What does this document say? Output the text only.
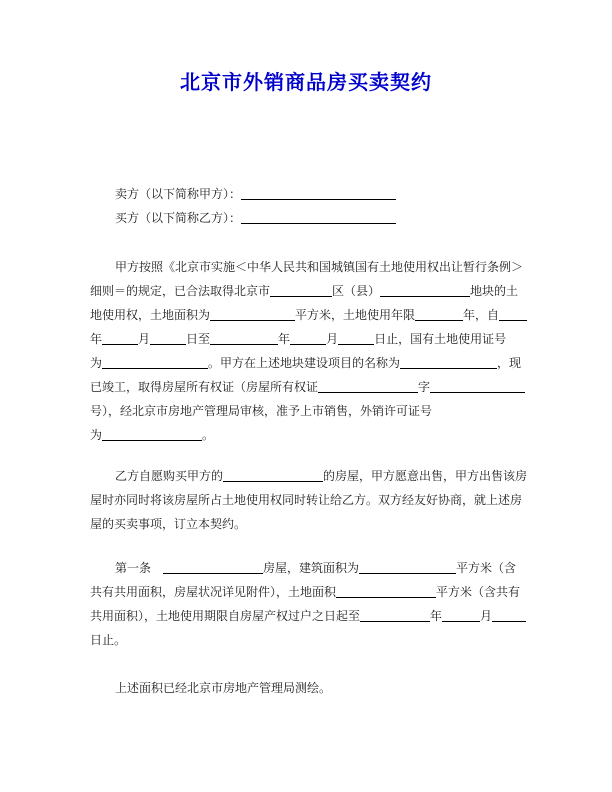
北京市外销商品房买卖契约
卖方（以下简称甲方）：
买方（以下简称乙方）：
甲方按照《北京市实施＜中华人民共和国城镇国有土地使用权出让暂行条例＞
细则＝的规定，已合法取得北京市	区（县）	地块的土
地使用权，土地面积为	平方米，土地使用年限	年，自
年	月	日至	年	月	日止，国有土地使用证号
为	。甲方在上述地块建设项目的名称为	，现
已竣工，取得房屋所有权证（房屋所有权证	字
号），经北京市房地产管理局审核，准予上市销售，外销许可证号
为	。
乙方自愿购买甲方的	的房屋，甲方愿意出售，甲方出售该房
屋时亦同时将该房屋所占土地使用权同时转让给乙方。双方经友好协商，就上述房
屋的买卖事项，订立本契约。
第一条　	房屋，建筑面积为	平方米（含
共有共用面积，房屋状况详见附件），土地面积	平方米（含共有
共用面积），土地使用期限自房屋产权过户之日起至	年	月
日止。
上述面积已经北京市房地产管理局测绘。
